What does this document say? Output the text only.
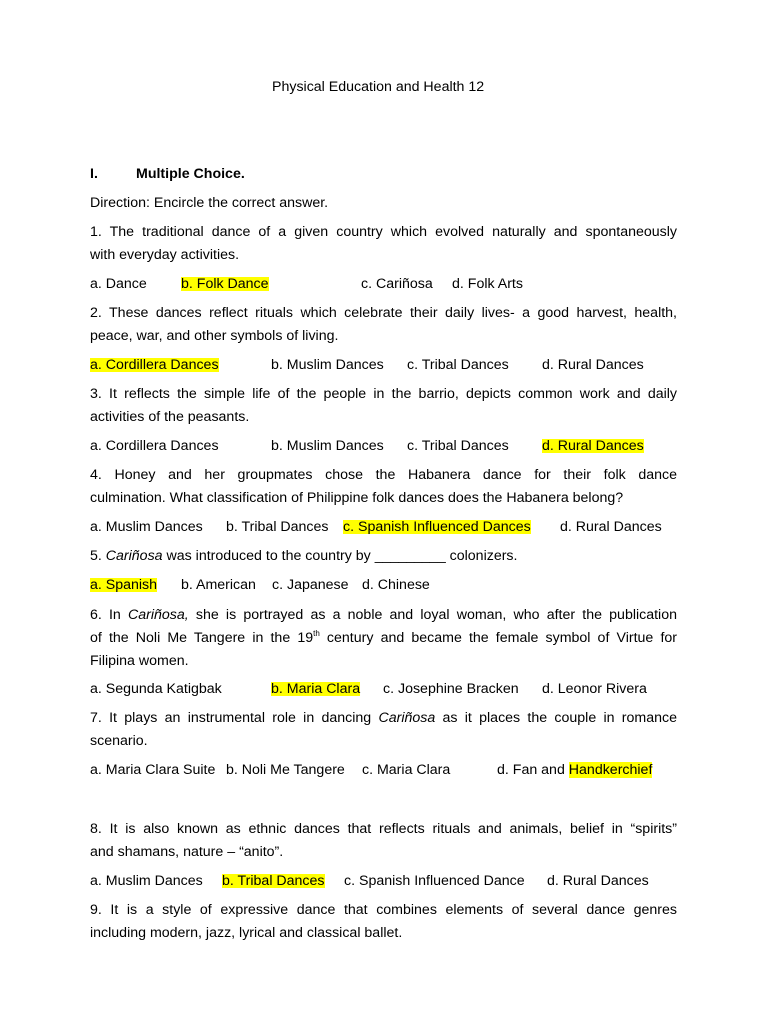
Physical Education and Health 12
I.	Multiple Choice.
Direction: Encircle the correct answer.
1. The traditional dance of a given country which evolved naturally and spontaneously
with everyday activities.
a. Dance b. Folk Dance	c. Cariñosa d. Folk Arts
2. These dances reflect rituals which celebrate their daily lives- a good harvest, health,
peace, war, and other symbols of living.
a. Cordillera Dances	b. Muslim Dances c. Tribal Dances d. Rural Dances
3. It reflects the simple life of the people in the barrio, depicts common work and daily
activities of the peasants.
a. Cordillera Dances	b. Muslim Dances c. Tribal Dances d. Rural Dances
4. Honey and her groupmates chose the Habanera dance for their folk dance
culmination. What classification of Philippine folk dances does the Habanera belong?
a. Muslim Dances b. Tribal Dances c. Spanish Influenced Dances d. Rural Dances
5. Cariñosa was introduced to the country by _________ colonizers.
a. Spanish b. American c. Japanese d. Chinese
6. In Cariñosa, she is portrayed as a noble and loyal woman, who after the publication
of the Noli Me Tangere in the 19th century and became the female symbol of Virtue for
Filipina women.
a. Segunda Katigbak	b. Maria Clara c. Josephine Bracken d. Leonor Rivera
7. It plays an instrumental role in dancing Cariñosa as it places the couple in romance
scenario.
a. Maria Clara Suite b. Noli Me Tangere c. Maria Clara	d. Fan and Handkerchief
8. It is also known as ethnic dances that reflects rituals and animals, belief in “spirits”
and shamans, nature – “anito”.
a. Muslim Dances b. Tribal Dances c. Spanish Influenced Dance d. Rural Dances
9. It is a style of expressive dance that combines elements of several dance genres
including modern, jazz, lyrical and classical ballet.
